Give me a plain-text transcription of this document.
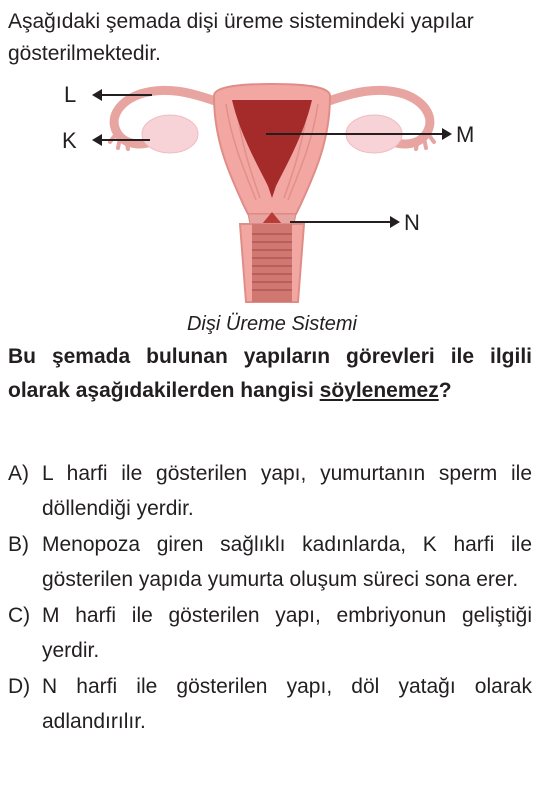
Aşağıdaki şemada dişi üreme sistemindeki yapılar gösterilmektedir.

L
K	M
N
Dişi Üreme Sistemi

Bu şemada bulunan yapıların görevleri ile ilgili olarak aşağıdakilerden hangisi söylenemez?

A) L harfi ile gösterilen yapı, yumurtanın sperm ile döllendiği yerdir.
B) Menopoza giren sağlıklı kadınlarda, K harfi ile gösterilen yapıda yumurta oluşum süreci sona erer.
C) M harfi ile gösterilen yapı, embriyonun geliştiği yerdir.
D) N harfi ile gösterilen yapı, döl yatağı olarak adlandırılır.
